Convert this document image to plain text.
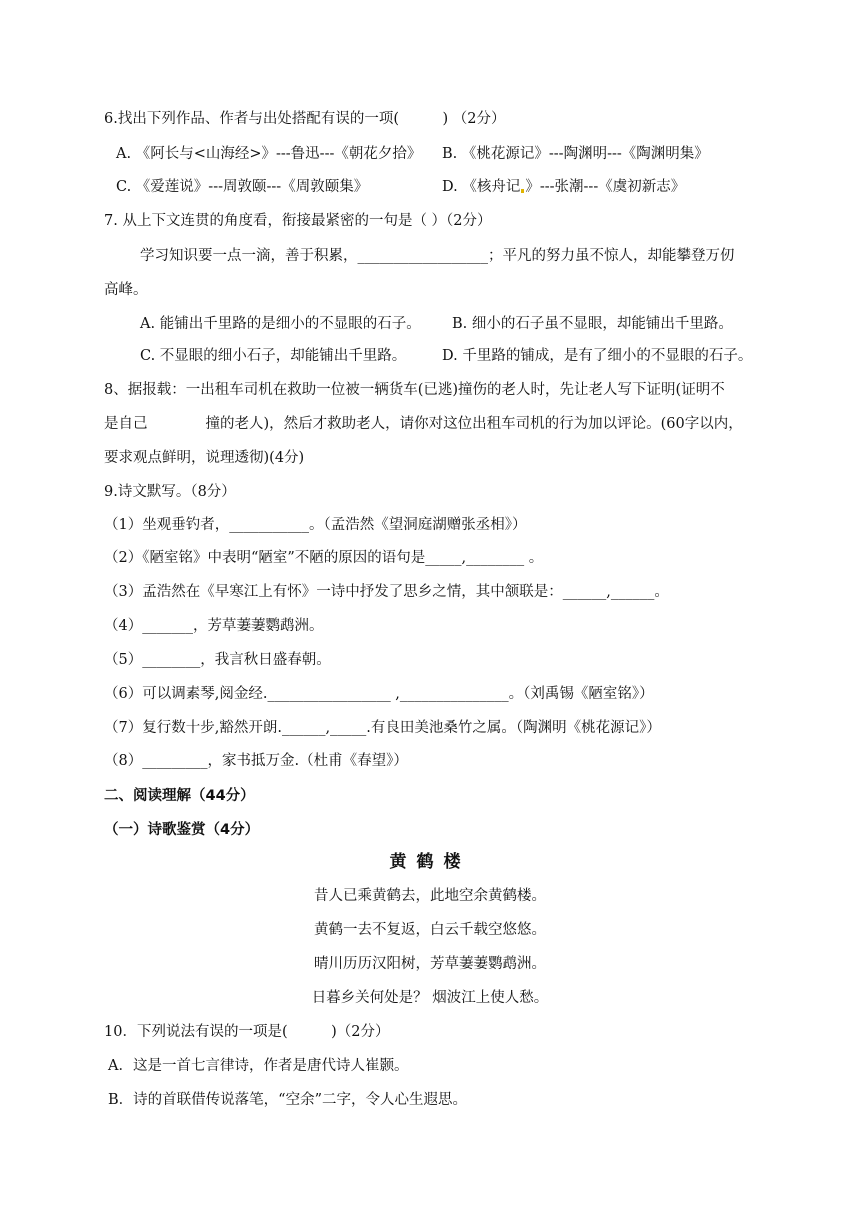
6.找出下列作品、作者与出处搭配有误的一项(　　　) （2分）
A. 《阿长与<山海经>》---鲁迅---《朝花夕拾》 B. 《桃花源记》---陶渊明---《陶渊明集》
C. 《爱莲说》---周敦颐---《周敦颐集》	D. 《核舟记 》---张潮---《虞初新志》
7. 从上下文连贯的角度看，衔接最紧密的一句是（ ）（2分）
学习知识要一点一滴，善于积累，__________________；平凡的努力虽不惊人，却能攀登万仞
高峰。
A. 能铺出千里路的是细小的不显眼的石子。 B. 细小的石子虽不显眼，却能铺出千里路。
C. 不显眼的细小石子，却能铺出千里路。 D. 千里路的铺成，是有了细小的不显眼的石子。
8、据报载：一出租车司机在救助一位被一辆货车(已逃)撞伤的老人时，先让老人写下证明(证明不
是自己　　　　撞的老人)，然后才救助老人，请你对这位出租车司机的行为加以评论。(60字以内，
要求观点鲜明，说理透彻)(4分)
9.诗文默写。（8分）
（1）坐观垂钓者，___________。（孟浩然《望洞庭湖赠张丞相》）
（2）《陋室铭》中表明“陋室”不陋的原因的语句是_____,________ 。
（3）孟浩然在《早寒江上有怀》一诗中抒发了思乡之情，其中颔联是：______,______。
（4）_______，芳草萋萋鹦鹉洲。
（5）________，我言秋日盛春朝。
（6）可以调素琴,阅金经._________________ ,_______________。（刘禹锡《陋室铭》）
（7）复行数十步,豁然开朗.______,_____.有良田美池桑竹之属。（陶渊明《桃花源记》）
（8）_________，家书抵万金.（杜甫《春望》）
二、阅读理解（44分）
（一）诗歌鉴赏（4分）
黄鹤楼
昔人已乘黄鹤去，此地空余黄鹤楼。
黄鹤一去不复返，白云千载空悠悠。
晴川历历汉阳树，芳草萋萋鹦鹉洲。
日暮乡关何处是？ 烟波江上使人愁。
10．下列说法有误的一项是(　　　)（2分）
A．这是一首七言律诗，作者是唐代诗人崔颢。
B．诗的首联借传说落笔，“空余”二字，令人心生遐思。
